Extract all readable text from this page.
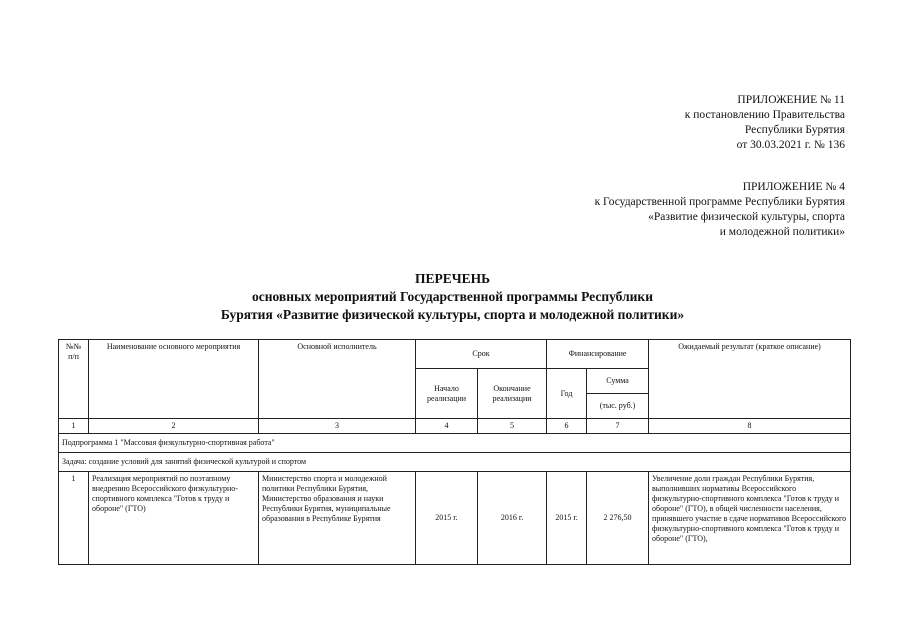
ПРИЛОЖЕНИЕ № 11
к постановлению Правительства
Республики Бурятия
от 30.03.2021 г. № 136
ПРИЛОЖЕНИЕ № 4
к Государственной программе Республики Бурятия
«Развитие физической культуры, спорта
и молодежной политики»
ПЕРЕЧЕНЬ
основных мероприятий Государственной программы Республики
Бурятия «Развитие физической культуры, спорта и молодежной политики»
№№ п/п	Наименование основного мероприятия	Основной исполнитель	Срок		Финансирование		Ожидаемый результат (краткое описание)
			Начало реализации	Окончание реализации	Год	Сумма	
						(тыс. руб.)	
1	2	3	4	5	6	7	8
Подпрограмма 1 "Массовая физкультурно-спортивная работа"							
Задача: создание условий для занятий физической культурой и спортом							
1	Реализация мероприятий по поэтапному внедрению Всероссийского физкультурно-спортивного комплекса "Готов к труду и обороне" (ГТО)	Министерство спорта и молодежной политики Республики Бурятия, Министерство образования и науки Республики Бурятия, муниципальные образования в Республике Бурятия	2015 г.	2016 г.	2015 г.	2 276,50	Увеличение доли граждан Республики Бурятия, выполнивших нормативы Всероссийского физкультурно-спортивного комплекса "Готов к труду и обороне" (ГТО), в общей численности населения, принявшего участие в сдаче нормативов Всероссийского физкультурно-спортивного комплекса "Готов к труду и обороне" (ГТО),
